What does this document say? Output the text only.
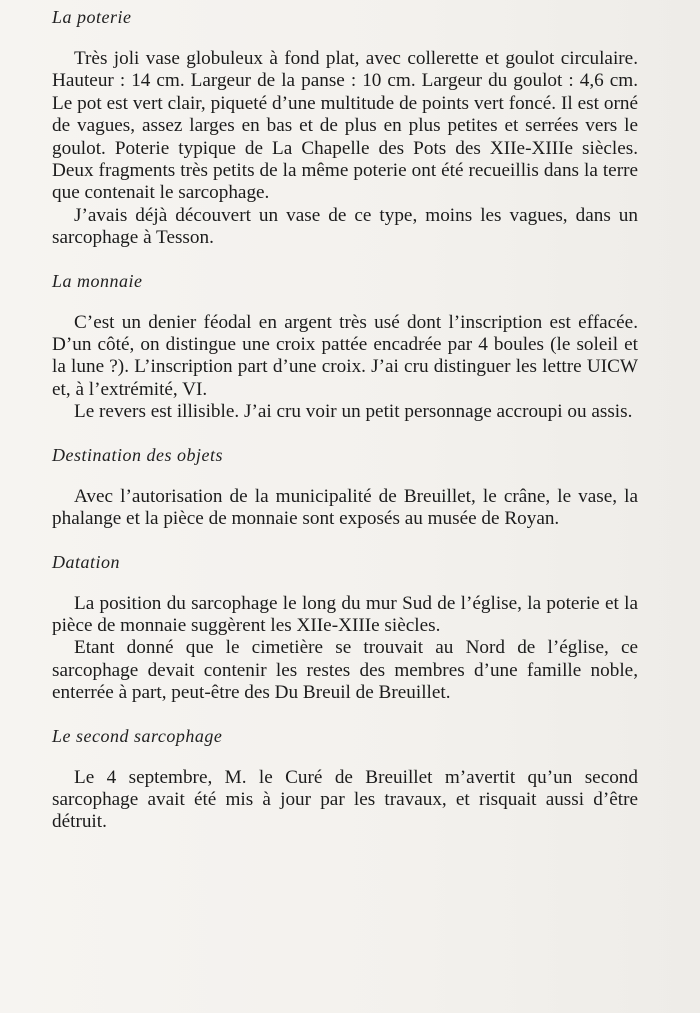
La poterie

Très joli vase globuleux à fond plat, avec collerette et goulot circulaire. Hauteur : 14 cm. Largeur de la panse : 10 cm. Largeur du goulot : 4,6 cm. Le pot est vert clair, piqueté d’une multitude de points vert foncé. Il est orné de vagues, assez larges en bas et de plus en plus petites et serrées vers le goulot. Poterie typique de La Chapelle des Pots des XIIe-XIIIe siècles. Deux fragments très petits de la même poterie ont été recueillis dans la terre que contenait le sarcophage.

J’avais déjà découvert un vase de ce type, moins les vagues, dans un sarcophage à Tesson.

La monnaie

C’est un denier féodal en argent très usé dont l’inscription est effacée. D’un côté, on distingue une croix pattée encadrée par 4 boules (le soleil et la lune ?). L’inscription part d’une croix. J’ai cru distinguer les lettre UICW et, à l’extrémité, VI.

Le revers est illisible. J’ai cru voir un petit personnage accroupi ou assis.

Destination des objets

Avec l’autorisation de la municipalité de Breuillet, le crâne, le vase, la phalange et la pièce de monnaie sont exposés au musée de Royan.

Datation

La position du sarcophage le long du mur Sud de l’église, la poterie et la pièce de monnaie suggèrent les XIIe-XIIIe siècles.

Etant donné que le cimetière se trouvait au Nord de l’église, ce sarcophage devait contenir les restes des membres d’une famille noble, enterrée à part, peut-être des Du Breuil de Breuillet.

Le second sarcophage

Le 4 septembre, M. le Curé de Breuillet m’avertit qu’un second sarcophage avait été mis à jour par les travaux, et risquait aussi d’être détruit.
